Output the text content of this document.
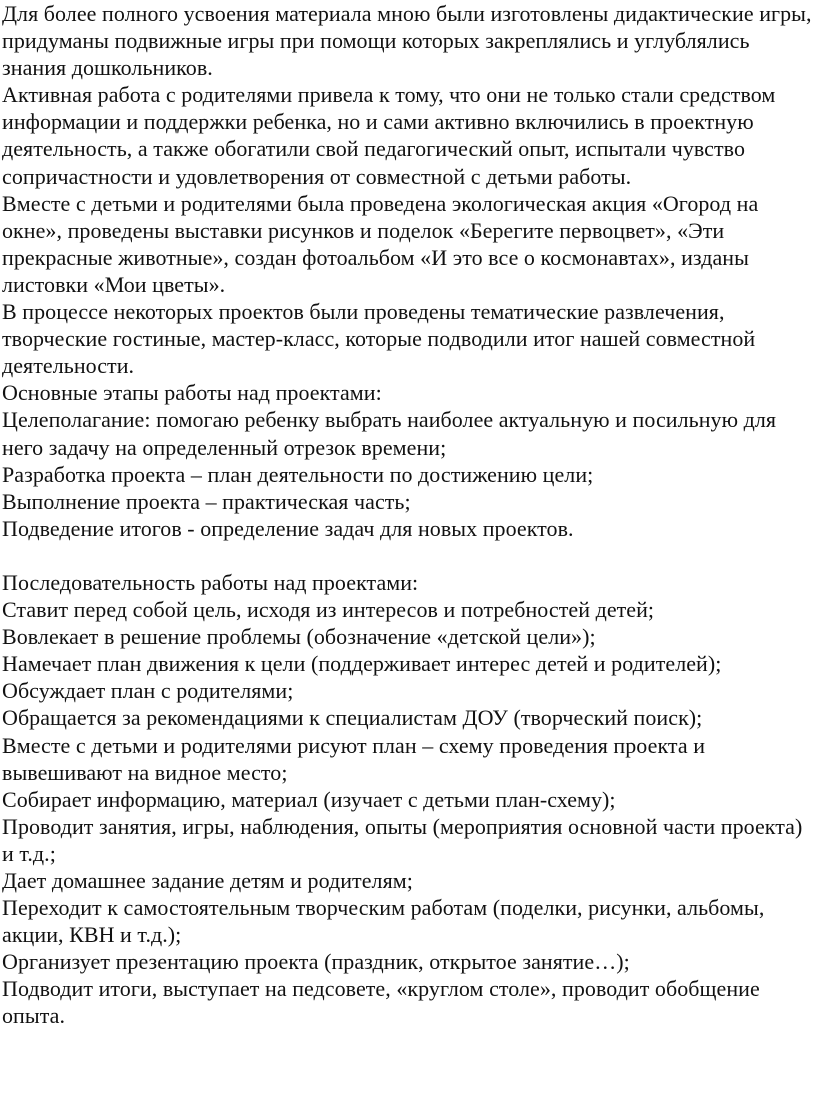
Для более полного усвоения материала мною были изготовлены дидактические игры, придуманы подвижные игры при помощи которых закреплялись и углублялись знания дошкольников.

Активная работа с родителями привела к тому, что они не только стали средством информации и поддержки ребенка, но и сами активно включились в проектную деятельность, а также обогатили свой педагогический опыт, испытали чувство сопричастности и удовлетворения от совместной с детьми работы.

Вместе с детьми и родителями была проведена экологическая акция «Огород на окне», проведены выставки рисунков и поделок «Берегите первоцвет», «Эти прекрасные животные», создан фотоальбом «И это все о космонавтах», изданы листовки «Мои цветы».

В процессе некоторых проектов были проведены тематические развлечения, творческие гостиные, мастер-класс, которые подводили итог нашей совместной деятельности.

Основные этапы работы над проектами:

Целеполагание: помогаю ребенку выбрать наиболее актуальную и посильную для него задачу на определенный отрезок времени;

Разработка проекта – план деятельности по достижению цели;

Выполнение проекта – практическая часть;

Подведение итогов - определение задач для новых проектов.

Последовательность работы над проектами:

Ставит перед собой цель, исходя из интересов и потребностей детей;

Вовлекает в решение проблемы (обозначение «детской цели»);

Намечает план движения к цели (поддерживает интерес детей и родителей);

Обсуждает план с родителями;

Обращается за рекомендациями к специалистам ДОУ (творческий поиск);

Вместе с детьми и родителями рисуют план – схему проведения проекта и вывешивают на видное место;

Собирает информацию, материал (изучает с детьми план-схему);

Проводит занятия, игры, наблюдения, опыты (мероприятия основной части проекта) и т.д.;

Дает домашнее задание детям и родителям;

Переходит к самостоятельным творческим работам (поделки, рисунки, альбомы, акции, КВН и т.д.);

Организует презентацию проекта (праздник, открытое занятие…);

Подводит итоги, выступает на педсовете, «круглом столе», проводит обобщение опыта.
